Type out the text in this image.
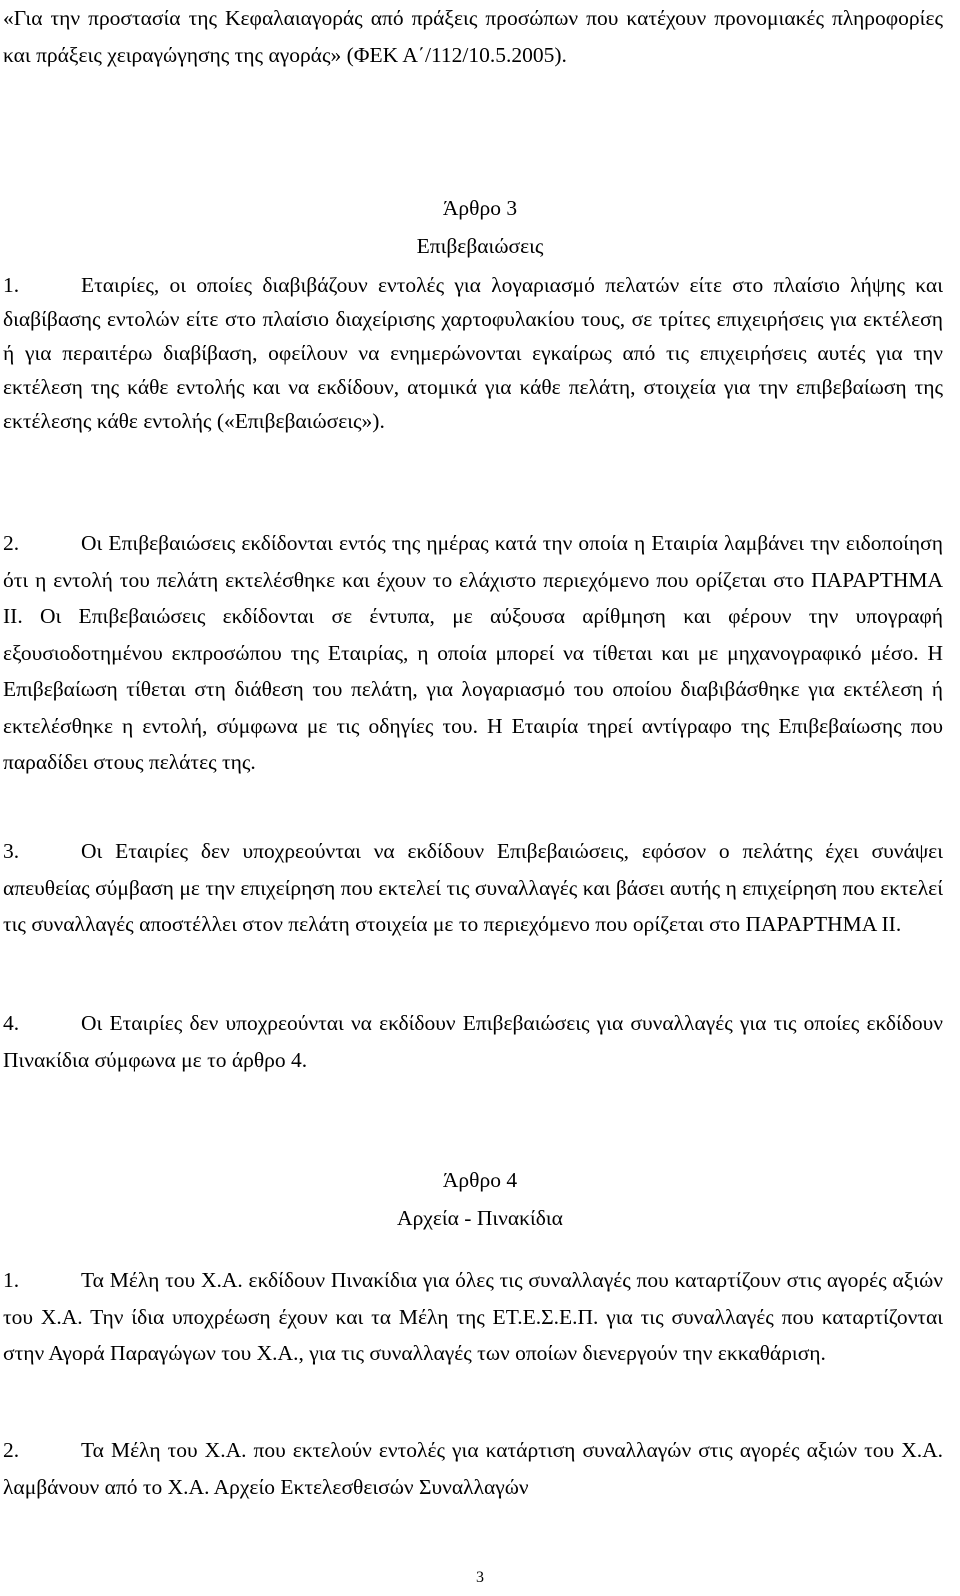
«Για την προστασία της Κεφαλαιαγοράς από πράξεις προσώπων που κατέχουν προνομιακές πληροφορίες και πράξεις χειραγώγησης της αγοράς» (ΦΕΚ Α΄/112/10.5.2005).

Άρθρο 3

Επιβεβαιώσεις

1.	Εταιρίες, οι οποίες διαβιβάζουν εντολές για λογαριασμό πελατών είτε στο πλαίσιο λήψης και διαβίβασης εντολών είτε στο πλαίσιο διαχείρισης χαρτοφυλακίου τους, σε τρίτες επιχειρήσεις για εκτέλεση ή για περαιτέρω διαβίβαση, οφείλουν να ενημερώνονται εγκαίρως από τις επιχειρήσεις αυτές για την εκτέλεση της κάθε εντολής και να εκδίδουν, ατομικά για κάθε πελάτη, στοιχεία για την επιβεβαίωση της εκτέλεσης κάθε εντολής («Επιβεβαιώσεις»).

2.	Οι Επιβεβαιώσεις εκδίδονται εντός της ημέρας κατά την οποία η Εταιρία λαμβάνει την ειδοποίηση ότι η εντολή του πελάτη εκτελέσθηκε και έχουν το ελάχιστο περιεχόμενο που ορίζεται στο ΠΑΡΑΡΤΗΜΑ ΙΙ. Οι Επιβεβαιώσεις εκδίδονται σε έντυπα, με αύξουσα αρίθμηση και φέρουν την υπογραφή εξουσιοδοτημένου εκπροσώπου της Εταιρίας, η οποία μπορεί να τίθεται και με μηχανογραφικό μέσο. Η Επιβεβαίωση τίθεται στη διάθεση του πελάτη, για λογαριασμό του οποίου διαβιβάσθηκε για εκτέλεση ή εκτελέσθηκε η εντολή, σύμφωνα με τις οδηγίες του. Η Εταιρία τηρεί αντίγραφο της Επιβεβαίωσης που παραδίδει στους πελάτες της.

3.	Οι Εταιρίες δεν υποχρεούνται να εκδίδουν Επιβεβαιώσεις, εφόσον ο πελάτης έχει συνάψει απευθείας σύμβαση με την επιχείρηση που εκτελεί τις συναλλαγές και βάσει αυτής η επιχείρηση που εκτελεί τις συναλλαγές αποστέλλει στον πελάτη στοιχεία με το περιεχόμενο που ορίζεται στο ΠΑΡΑΡΤΗΜΑ ΙΙ.

4.	Οι Εταιρίες δεν υποχρεούνται να εκδίδουν Επιβεβαιώσεις για συναλλαγές για τις οποίες εκδίδουν Πινακίδια σύμφωνα με το άρθρο 4.

Άρθρο 4

Αρχεία - Πινακίδια

1.	Τα Μέλη του Χ.Α. εκδίδουν Πινακίδια για όλες τις συναλλαγές που καταρτίζουν στις αγορές αξιών του Χ.Α. Την ίδια υποχρέωση έχουν και τα Μέλη της ΕΤ.Ε.Σ.Ε.Π. για τις συναλλαγές που καταρτίζονται στην Αγορά Παραγώγων του Χ.Α., για τις συναλλαγές των οποίων διενεργούν την εκκαθάριση.

2.	Τα Μέλη του Χ.Α. που εκτελούν εντολές για κατάρτιση συναλλαγών στις αγορές αξιών του Χ.Α. λαμβάνουν από το Χ.Α. Αρχείο Εκτελεσθεισών Συναλλαγών

3
